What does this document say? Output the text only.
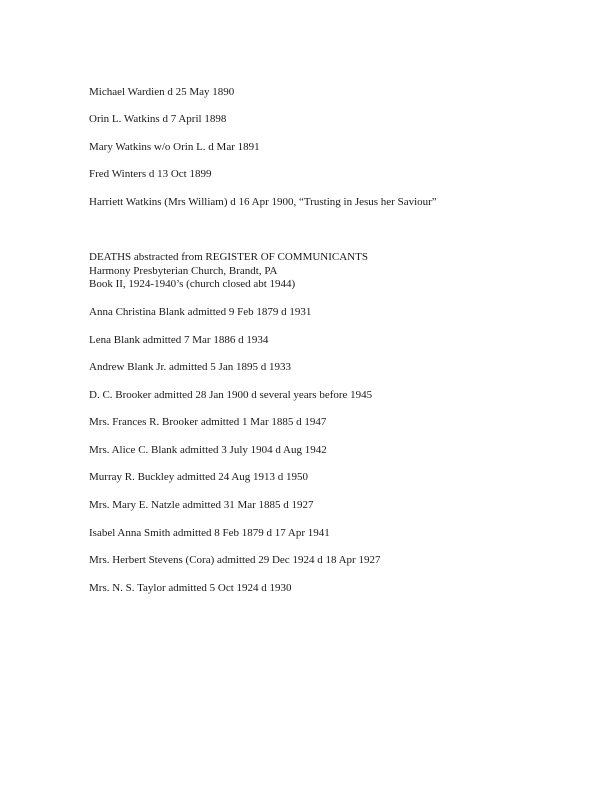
Michael Wardien d 25 May 1890
Orin L. Watkins d 7 April 1898
Mary Watkins w/o Orin L. d Mar 1891
Fred Winters d 13 Oct 1899
Harriett Watkins (Mrs William) d 16 Apr 1900, “Trusting in Jesus her Saviour”
DEATHS abstracted from REGISTER OF COMMUNICANTS
Harmony Presbyterian Church, Brandt, PA
Book II, 1924-1940’s (church closed abt 1944)
Anna Christina Blank admitted 9 Feb 1879 d 1931
Lena Blank admitted 7 Mar 1886 d 1934
Andrew Blank Jr. admitted 5 Jan 1895 d 1933
D. C. Brooker admitted 28 Jan 1900 d several years before 1945
Mrs. Frances R. Brooker admitted 1 Mar 1885 d 1947
Mrs. Alice C. Blank admitted 3 July 1904 d Aug 1942
Murray R. Buckley admitted 24 Aug 1913 d 1950
Mrs. Mary E. Natzle admitted 31 Mar 1885 d 1927
Isabel Anna Smith admitted 8 Feb 1879 d 17 Apr 1941
Mrs. Herbert Stevens (Cora) admitted 29 Dec 1924 d 18 Apr 1927
Mrs. N. S. Taylor admitted 5 Oct 1924 d 1930
